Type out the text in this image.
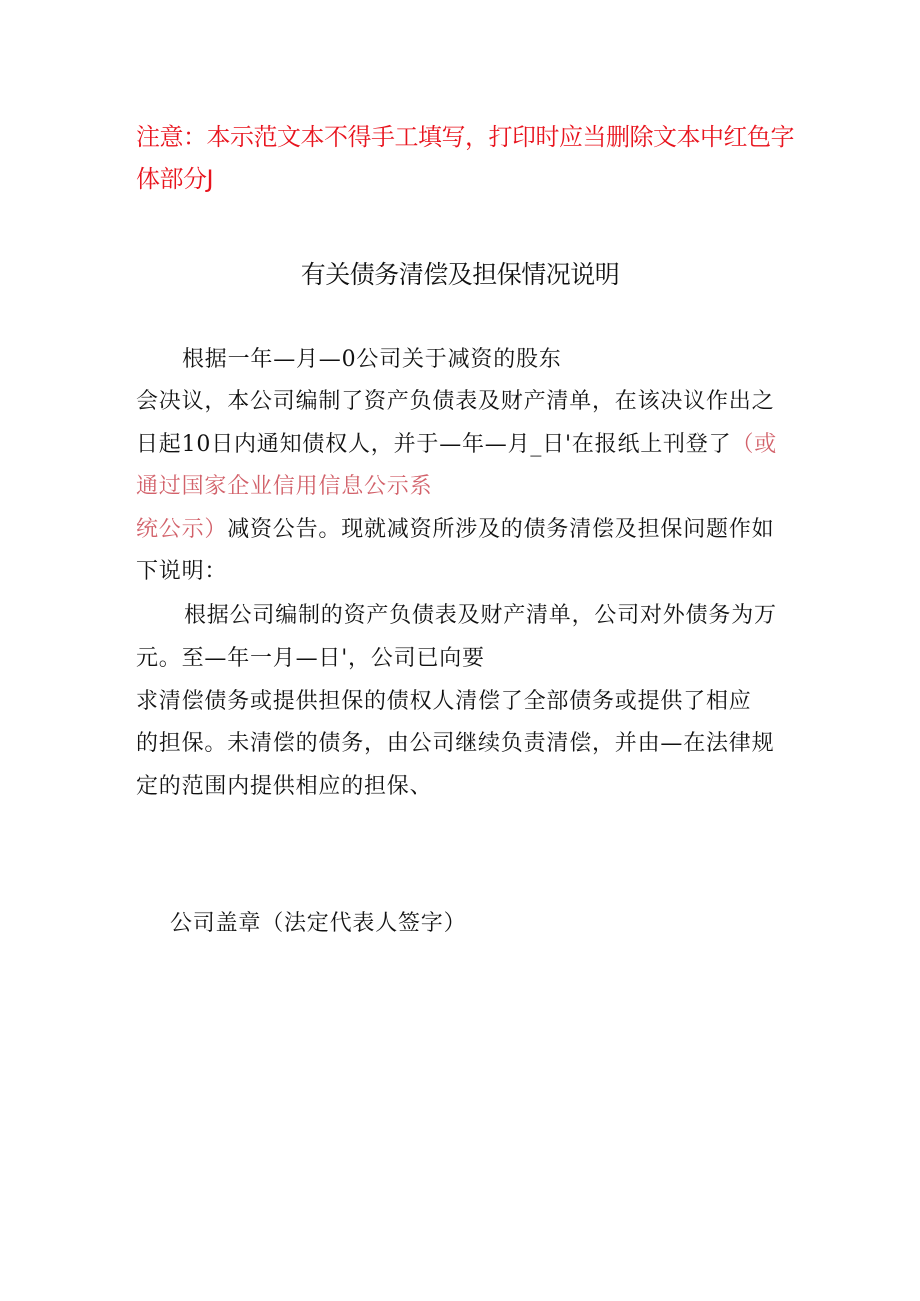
注意：本示范文本不得手工填写，打印时应当删除文本中红色字体部分J
有关债务清偿及担保情况说明
根据一年—月—0公司关于减资的股东
会决议，本公司编制了资产负债表及财产清单，在该决议作出之
日起10日内通知债权人，并于—年—月_日'在报纸上刊登了（或
通过国家企业信用信息公示系
统公示）减资公告。现就减资所涉及的债务清偿及担保问题作如
下说明：
根据公司编制的资产负债表及财产清单，公司对外债务为万
元。至—年一月—日'，公司已向要
求清偿债务或提供担保的债权人清偿了全部债务或提供了相应
的担保。未清偿的债务，由公司继续负责清偿，并由—在法律规
定的范围内提供相应的担保、
公司盖章（法定代表人签字）
